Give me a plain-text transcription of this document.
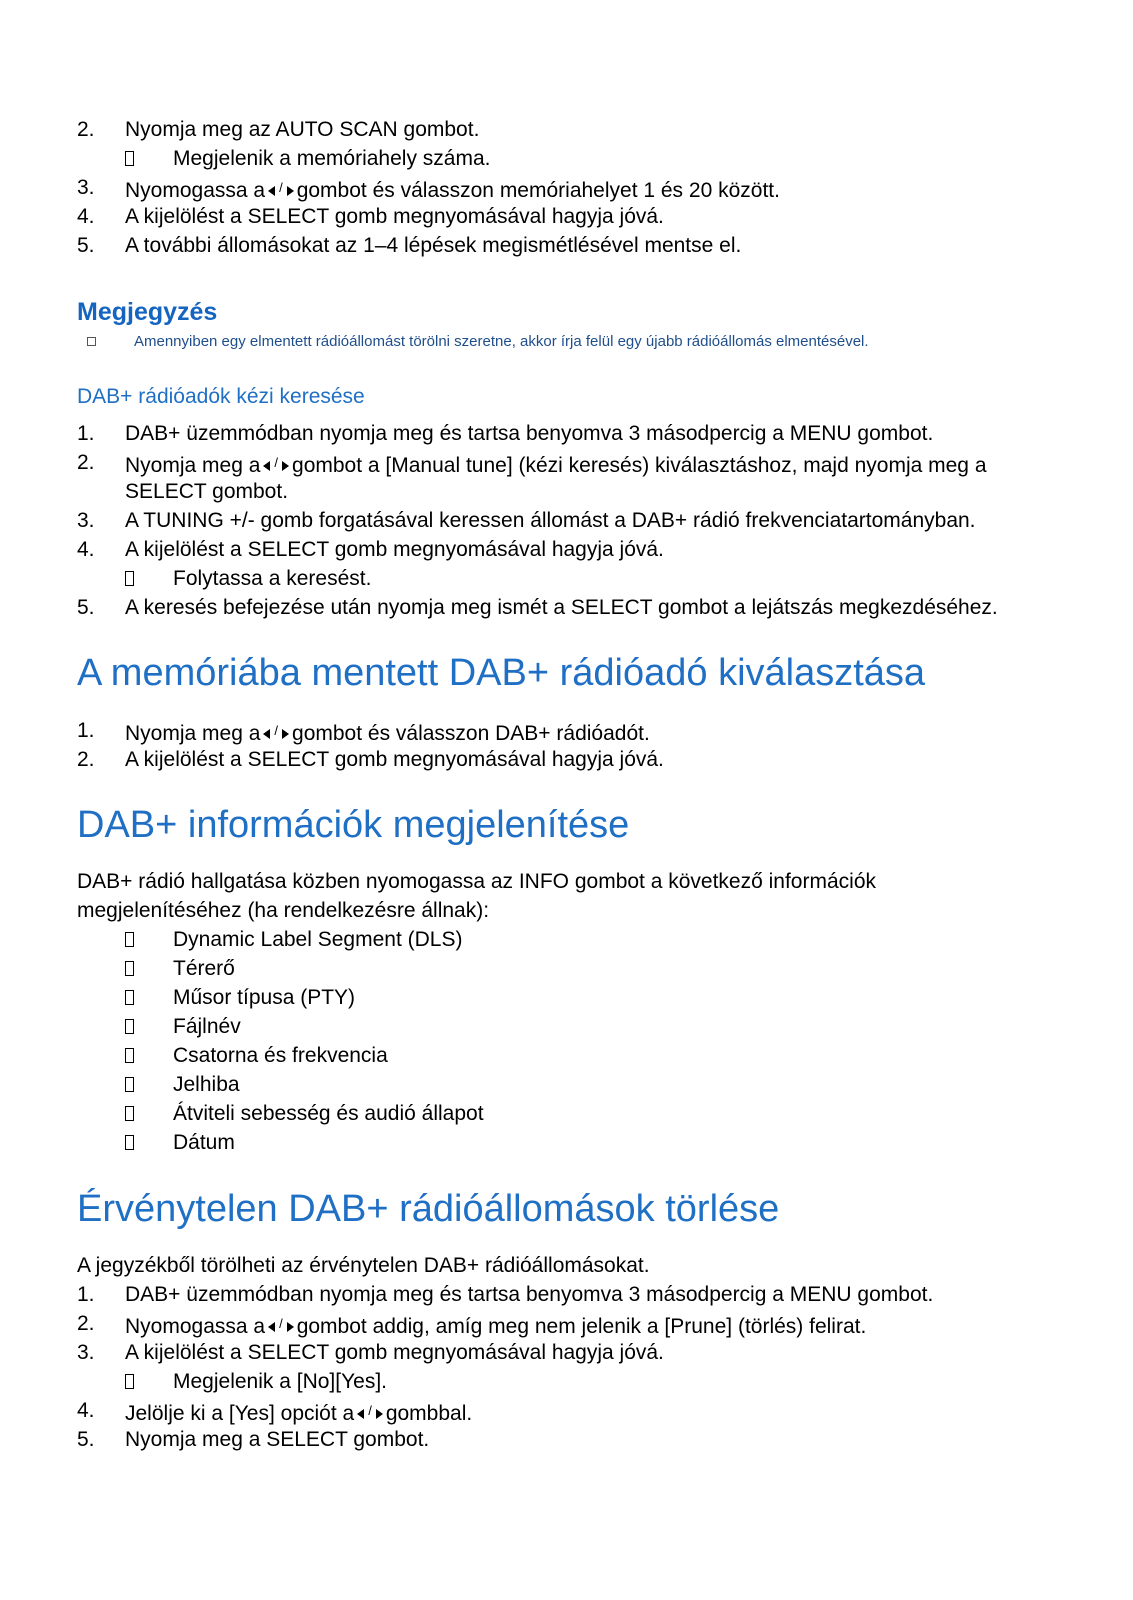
2.	Nyomja meg az AUTO SCAN gombot.
Megjelenik a memóriahely száma.
3.	Nyomogassa a / gombot és válasszon memóriahelyet 1 és 20 között.
4.	A kijelölést a SELECT gomb megnyomásával hagyja jóvá.
5.	A további állomásokat az 1–4 lépések megismétlésével mentse el.
Megjegyzés
Amennyiben egy elmentett rádióállomást törölni szeretne, akkor írja felül egy újabb rádióállomás elmentésével.
DAB+ rádióadók kézi keresése
1.	DAB+ üzemmódban nyomja meg és tartsa benyomva 3 másodpercig a MENU gombot.
2.	Nyomja meg a / gombot a [Manual tune] (kézi keresés) kiválasztáshoz, majd nyomja meg a
SELECT gombot.
3.	A TUNING +/- gomb forgatásával keressen állomást a DAB+ rádió frekvenciatartományban.
4.	A kijelölést a SELECT gomb megnyomásával hagyja jóvá.
Folytassa a keresést.
5.	A keresés befejezése után nyomja meg ismét a SELECT gombot a lejátszás megkezdéséhez.
A memóriába mentett DAB+ rádióadó kiválasztása
1.	Nyomja meg a / gombot és válasszon DAB+ rádióadót.
2.	A kijelölést a SELECT gomb megnyomásával hagyja jóvá.
DAB+ információk megjelenítése
DAB+ rádió hallgatása közben nyomogassa az INFO gombot a következő információk
megjelenítéséhez (ha rendelkezésre állnak):
Dynamic Label Segment (DLS)
Térerő
Műsor típusa (PTY)
Fájlnév
Csatorna és frekvencia
Jelhiba
Átviteli sebesség és audió állapot
Dátum
Érvénytelen DAB+ rádióállomások törlése
A jegyzékből törölheti az érvénytelen DAB+ rádióállomásokat.
1.	DAB+ üzemmódban nyomja meg és tartsa benyomva 3 másodpercig a MENU gombot.
2.	Nyomogassa a / gombot addig, amíg meg nem jelenik a [Prune] (törlés) felirat.
3.	A kijelölést a SELECT gomb megnyomásával hagyja jóvá.
Megjelenik a [No][Yes].
4.	Jelölje ki a [Yes] opciót a / gombbal.
5.	Nyomja meg a SELECT gombot.
